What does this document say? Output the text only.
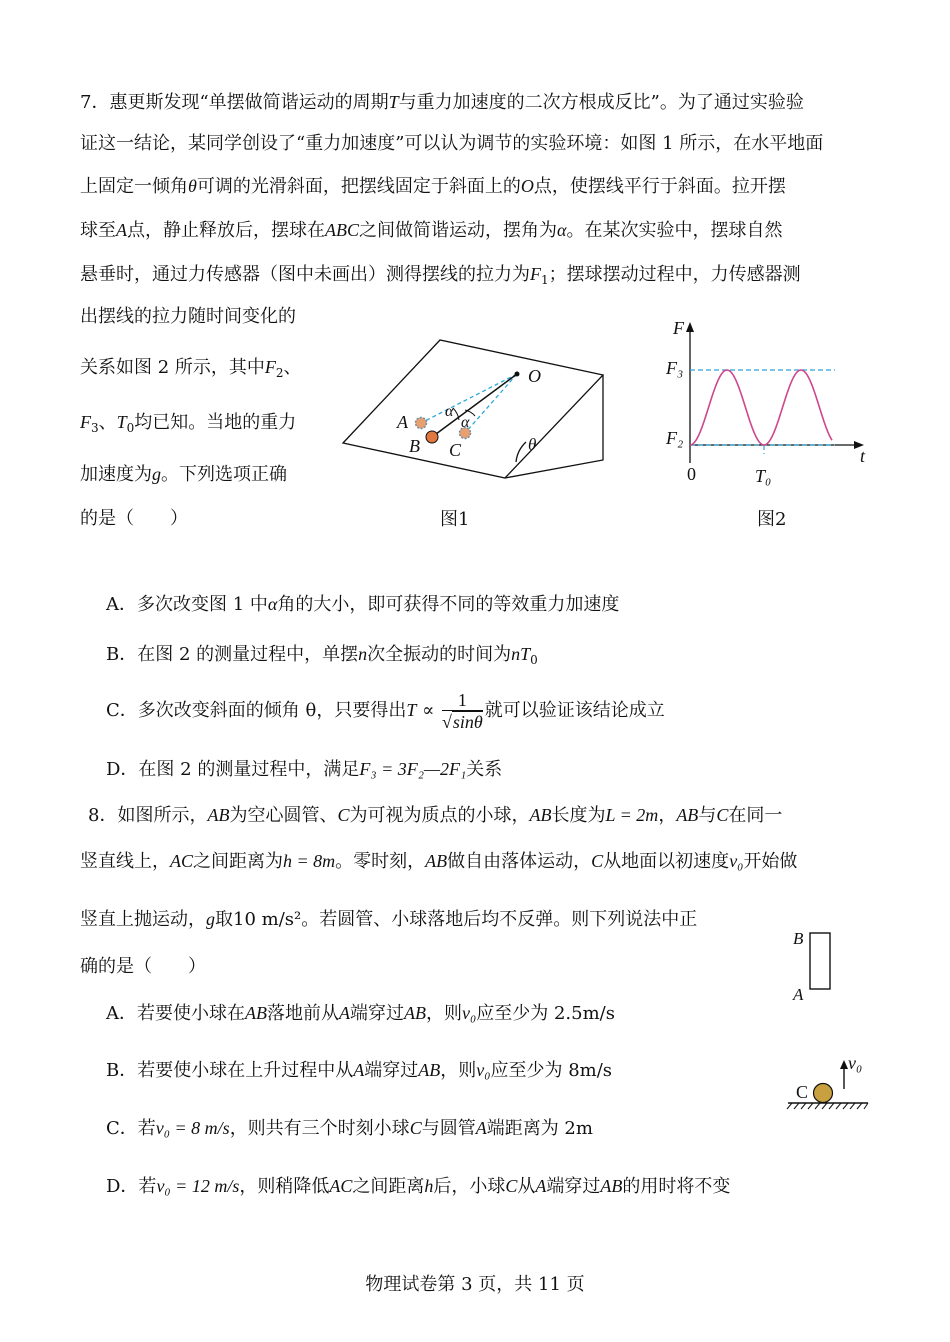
7．惠更斯发现“单摆做简谐运动的周期T与重力加速度的二次方根成反比”。为了通过实验验
证这一结论，某同学创设了“重力加速度”可以认为调节的实验环境：如图 1 所示，在水平地面
上固定一倾角θ可调的光滑斜面，把摆线固定于斜面上的O点，使摆线平行于斜面。拉开摆
球至A点，静止释放后，摆球在ABC之间做简谐运动，摆角为α。在某次实验中，摆球自然
悬垂时，通过力传感器（图中未画出）测得摆线的拉力为$F_1$；摆球摆动过程中，力传感器测
出摆线的拉力随时间变化的
关系如图 2 所示，其中$F_2$、
$F_3$、$T_0$均已知。当地的重力
加速度为g。下列选项正确
的是（　　）
O
A
B C
α
α
θ
图1
F
F₃
F₂
0	T₀
t
图2
A．多次改变图 1 中α角的大小，即可获得不同的等效重力加速度
B．在图 2 的测量过程中，单摆n次全振动的时间为$nT_0$
C．多次改变斜面的倾角 θ，只要得出$T \propto \frac{1}{√\sin\theta}$ 就可以验证该结论成立
D．在图 2 的测量过程中，满足F₃ = 3F₂—2F₁关系
8．如图所示，AB为空心圆管、C为可视为质点的小球，AB长度为L = 2m，AB与C在同一
竖直线上，AC之间距离为h = 8m。零时刻，AB做自由落体运动，C从地面以初速度v₀开始做
竖直上抛运动，g取10 m/s²。若圆管、小球落地后均不反弹。则下列说法中正
确的是（　　）
A．若要使小球在AB落地前从A端穿过AB，则v₀应至少为 2.5m/s
B．若要使小球在上升过程中从A端穿过AB，则v₀应至少为 8m/s
C．若v₀ = 8 m/s，则共有三个时刻小球C与圆管A端距离为 2m
D．若v₀ = 12 m/s，则稍降低AC之间距离h后，小球C从A端穿过AB的用时将不变
B
A
C
v₀
物理试卷第 3 页，共 11 页
